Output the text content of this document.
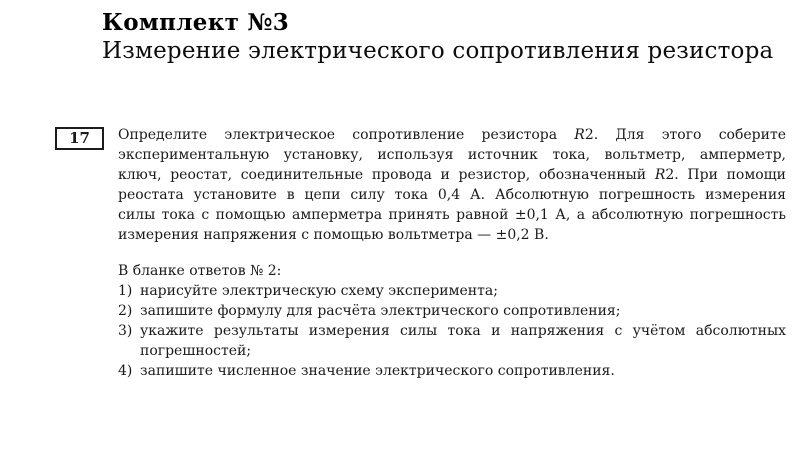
Комплект №3
Измерение электрического сопротивления резистора
17	Определите электрическое сопротивление резистора R2. Для этого соберите
экспериментальную установку, используя источник тока, вольтметр, амперметр,
ключ, реостат, соединительные провода и резистор, обозначенный R2. При помощи
реостата установите в цепи силу тока 0,4 А. Абсолютную погрешность измерения
силы тока с помощью амперметра принять равной ±0,1 А, а абсолютную погрешность
измерения напряжения с помощью вольтметра — ±0,2 В.
В бланке ответов № 2:
1) нарисуйте электрическую схему эксперимента;
2) запишите формулу для расчёта электрического сопротивления;
3) укажите результаты измерения силы тока и напряжения с учётом абсолютных
погрешностей;
4) запишите численное значение электрического сопротивления.
